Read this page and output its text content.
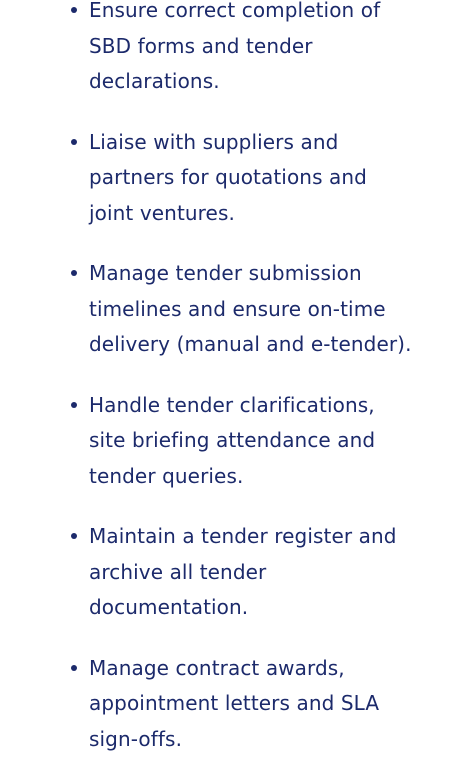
Ensure correct completion of
SBD forms and tender
declarations.
Liaise with suppliers and
partners for quotations and
joint ventures.
Manage tender submission
timelines and ensure on-time
delivery (manual and e-tender).
Handle tender clarifications,
site briefing attendance and
tender queries.
Maintain a tender register and
archive all tender
documentation.
Manage contract awards,
appointment letters and SLA
sign-offs.
